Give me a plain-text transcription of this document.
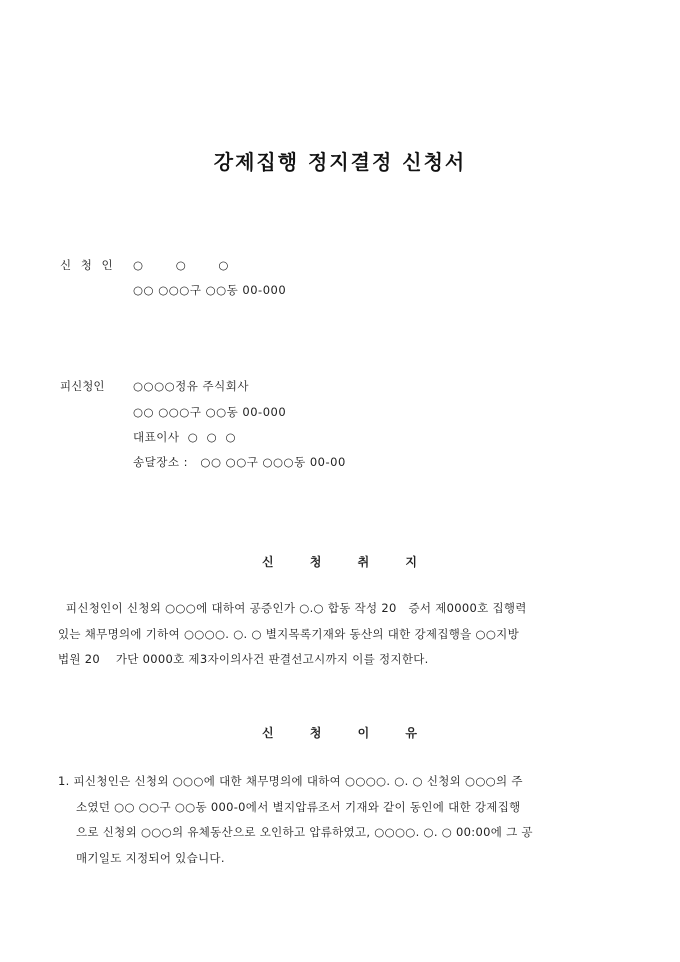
강제집행 정지결정 신청서
신 청 인 ○	○	○
○○ ○○○구 ○○동 00-000
피신청인 ○○○○정유 주식회사
○○ ○○○구 ○○동 00-000
대표이사  ○  ○  ○
송달장소 :   ○○ ○○구 ○○○동 00-00
신 청 취 지
피신청인이 신청외 ○○○에 대하여 공증인가 ○.○ 합동 작성 20   증서 제0000호 집행력
있는 채무명의에 기하여 ○○○○. ○. ○ 별지목록기재와 동산의 대한 강제집행을 ○○지방
법원 20    가단 0000호 제3자이의사건 판결선고시까지 이를 정지한다.
신 청 이 유
1. 피신청인은 신청외 ○○○에 대한 채무명의에 대하여 ○○○○. ○. ○ 신청외 ○○○의 주
소였던 ○○ ○○구 ○○동 000-0에서 별지압류조서 기재와 같이 동인에 대한 강제집행
으로 신청외 ○○○의 유체동산으로 오인하고 압류하였고, ○○○○. ○. ○ 00:00에 그 공
매기일도 지정되어 있습니다.
